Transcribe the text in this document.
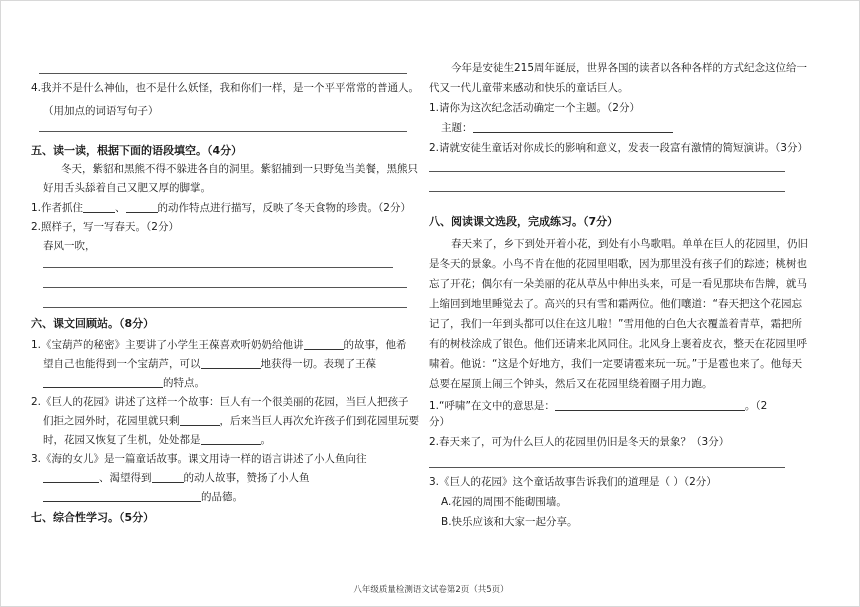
4.我并不是什么神仙，也不是什么妖怪，我和你们一样，是一个平平常常的普通人。
（用加点的词语写句子）
五、读一读，根据下面的语段填空。（4分）
冬天，紫貂和黑熊不得不躲进各自的洞里。紫貂捕到一只野兔当美餐，黑熊只
好用舌头舔着自己又肥又厚的脚掌。
1.作者抓住	、	的动作特点进行描写，反映了冬天食物的珍贵。（2分）
2.照样子，写一写春天。（2分）
春风一吹，
六、课文回顾站。（8分）
1.《宝葫芦的秘密》主要讲了小学生王葆喜欢听奶奶给他讲	的故事，他希
望自己也能得到一个宝葫芦，可以	地获得一切。表现了王葆
的特点。
2.《巨人的花园》讲述了这样一个故事：巨人有一个很美丽的花园，当巨人把孩子
们拒之园外时，花园里就只剩	，后来当巨人再次允许孩子们到花园里玩要
时，花园又恢复了生机，处处都是	。
3.《海的女儿》是一篇童话故事。课文用诗一样的语言讲述了小人鱼向往
、渴望得到	的动人故事，赞扬了小人鱼
的品德。
七、综合性学习。（5分）
今年是安徒生215周年诞辰，世界各国的读者以各种各样的方式纪念这位给一
代又一代儿童带来感动和快乐的童话巨人。
1.请你为这次纪念活动确定一个主题。（2分）
主题：
2.请就安徒生童话对你成长的影响和意义，发表一段富有激情的简短演讲。（3分）
八、阅读课文选段，完成练习。（7分）
春天来了，乡下到处开着小花，到处有小鸟歌唱。单单在巨人的花园里，仍旧
是冬天的景象。小鸟不肯在他的花园里唱歌，因为那里没有孩子们的踪迹；桃树也
忘了开花；偶尔有一朵美丽的花从草丛中伸出头来，可是一看见那块布告牌，就马
上缩回到地里睡觉去了。高兴的只有雪和霜两位。他们嚷道：“春天把这个花园忘
记了，我们一年到头都可以住在这儿啦！”雪用他的白色大衣覆盖着青草，霜把所
有的树枝涂成了银色。他们还请来北风同住。北风身上裹着皮衣，整天在花园里呼
啸着。他说：“这是个好地方，我们一定要请雹来玩一玩。”于是雹也来了。他每天
总要在屋顶上闹三个钟头，然后又在花园里绕着圈子用力跑。
1.“呼啸”在文中的意思是：	。（2
分）
2.春天来了，可为什么巨人的花园里仍旧是冬天的景象？（3分）
3.《巨人的花园》这个童话故事告诉我们的道理是（ ）（2分）
A.花园的周围不能砌围墙。
B.快乐应该和大家一起分享。
八年级质量检测语文试卷第2页（共5页）
